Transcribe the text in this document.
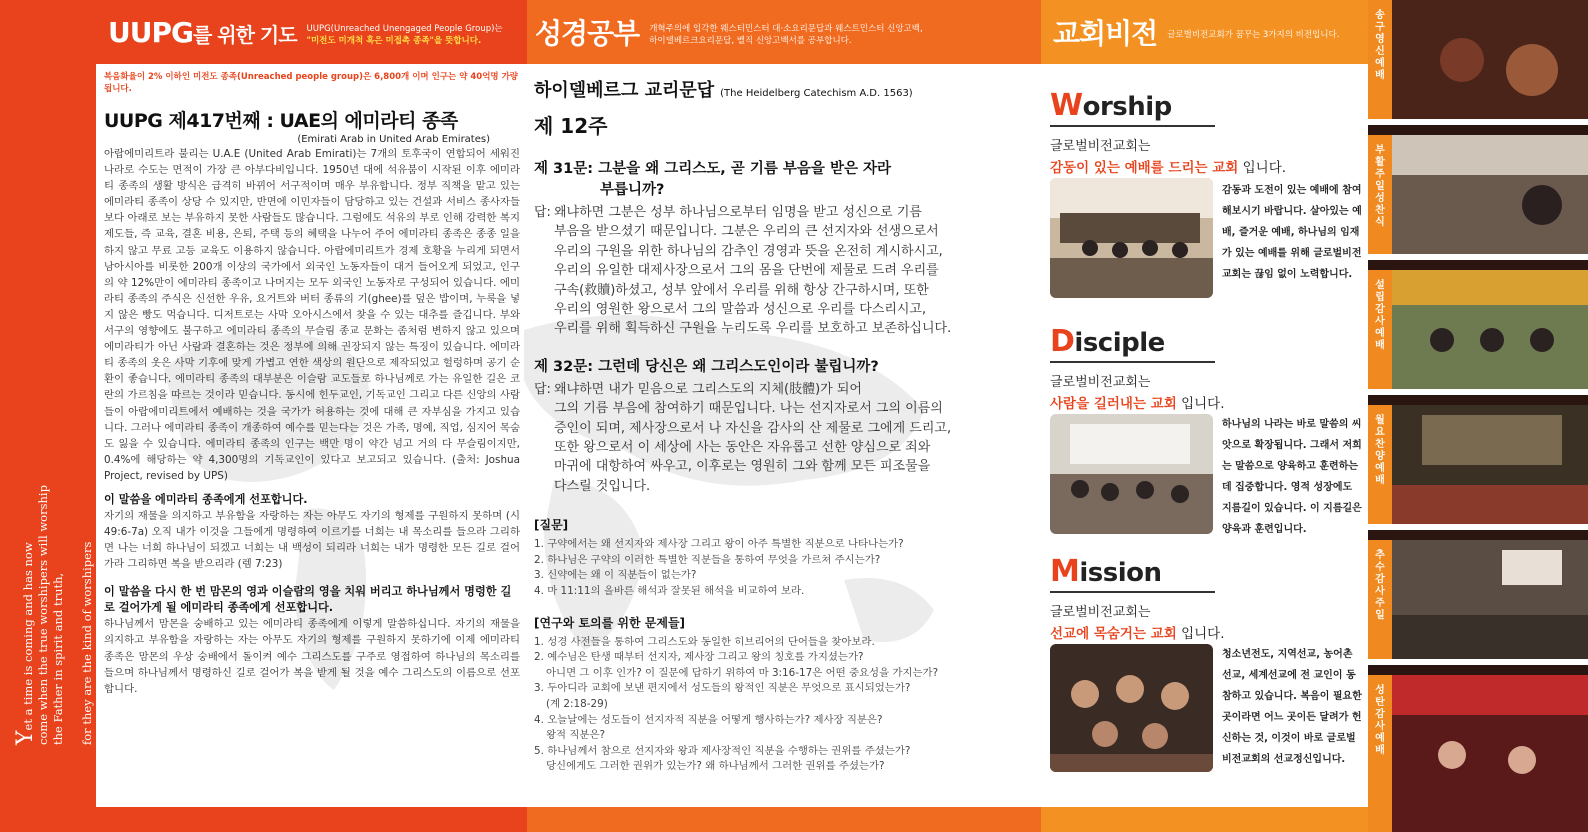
Yet a time is coming and has now come when the true worshipers will worship the Father in spirit and truth, for they are the kind of worshipers the Father seeks. [John 4:23]
UUPG를 위한 기도 UUPG(Unreached Unengaged People Group)는
"미전도 미개척 혹은 미접촉 종족"을 뜻합니다.	성경공부 개혁주의에 입각한 웨스터민스터 대·소요리문답과 웨스트민스터 신앙고백,
하이델베르크요리문답, 벨직 신앙고백서를 공부합니다.	교회비전 글로벌비전교회가 꿈꾸는 3가지의 비전입니다.
복음화율이 2% 이하인 미전도 종족(Unreached people group)은 6,800개 이며 인구는 약 40억명 가량 됩니다.
UUPG 제417번째 : UAE의 에미라티 종족
(Emirati Arab in United Arab Emirates)
아랍에미리트라 불리는 U.A.E (United Arab Emirati)는 7개의 토후국이 연합되어 세워진 나라로 수도는 면적이 가장 큰 아부다비입니다. 1950년 대에 석유붐이 시작된 이후 에미라티 종족의 생활 방식은 급격히 바뀌어 서구적이며 매우 부유합니다. 정부 직책을 맡고 있는 에미라티 종족이 상당 수 있지만, 반면에 이민자들이 담당하고 있는 건설과 서비스 종사자들보다 아래로 보는 부유하지 못한 사람들도 많습니다. 그럼에도 석유의 부로 인해 강력한 복지 제도들, 즉 교육, 결혼 비용, 은퇴, 주택 등의 혜택을 나누어 주어 에미라티 종족은 종종 일을 하지 않고 무료 고등 교육도 이용하지 않습니다. 아랍에미리트가 경제 호황을 누리게 되면서 남아시아를 비롯한 200개 이상의 국가에서 외국인 노동자들이 대거 들어오게 되었고, 인구의 약 12%만이 에미라티 종족이고 나머지는 모두 외국인 노동자로 구성되어 있습니다. 에미라티 종족의 주식은 신선한 우유, 요거트와 버터 종류의 기(ghee)를 덮은 밥이며, 누룩을 넣지 않은 빵도 먹습니다. 디저트로는 사막 오아시스에서 찾을 수 있는 대추를 즐깁니다. 부와 서구의 영향에도 불구하고 에미라티 종족의 무슬림 종교 문화는 좀처럼 변하지 않고 있으며 에미라티가 아닌 사람과 결혼하는 것은 정부에 의해 권장되지 않는 특징이 있습니다. 에미라티 종족의 옷은 사막 기후에 맞게 가볍고 연한 색상의 원단으로 제작되었고 헐렁하며 공기 순환이 좋습니다. 에미라티 종족의 대부분은 이슬람 교도들로 하나님께로 가는 유일한 길은 코란의 가르침을 따르는 것이라 믿습니다. 동시에 힌두교인, 기독교인 그리고 다른 신앙의 사람들이 아랍에미리트에서 예배하는 것을 국가가 허용하는 것에 대해 큰 자부심을 가지고 있습니다. 그러나 에미라티 종족이 개종하여 예수를 믿는다는 것은 가족, 명예, 직업, 심지어 목숨도 잃을 수 있습니다. 에미라티 종족의 인구는 백만 명이 약간 넘고 거의 다 무슬림이지만, 0.4%에 해당하는 약 4,300명의 기독교인이 있다고 보고되고 있습니다. (출처: Joshua Project, revised by UPS)
이 말씀을 에미라티 종족에게 선포합니다.
자기의 재물을 의지하고 부유함을 자랑하는 자는 아무도 자기의 형제를 구원하지 못하며 (시49:6-7a) 오직 내가 이것을 그들에게 명령하여 이르기를 너희는 내 목소리를 들으라 그리하면 나는 너희 하나님이 되겠고 너희는 내 백성이 되리라 너희는 내가 명령한 모든 길로 걸어가라 그리하면 복을 받으리라 (렘 7:23)
이 말씀을 다시 한 번 맘몬의 영과 이슬람의 영을 치워 버리고 하나님께서 명령한 길로 걸어가게 될 에미라티 종족에게 선포합니다.
하나님께서 맘몬을 숭배하고 있는 에미라티 종족에게 이렇게 말씀하십니다. 자기의 재물을 의지하고 부유함을 자랑하는 자는 아무도 자기의 형제를 구원하지 못하기에 이제 에미라티 종족은 맘몬의 우상 숭배에서 돌이켜 예수 그리스도를 구주로 영접하여 하나님의 목소리를 들으며 하나님께서 명령하신 길로 걸어가 복을 받게 될 것을 예수 그리스도의 이름으로 선포합니다.
하이델베르그 교리문답 (The Heidelberg Catechism A.D. 1563)
제 12주
제 31문: 그분을 왜 그리스도, 곧 기름 부음을 받은 자라
부릅니까?
답: 왜냐하면 그분은 성부 하나님으로부터 임명을 받고 성신으로 기름
부음을 받으셨기 때문입니다. 그분은 우리의 큰 선지자와 선생으로서
우리의 구원을 위한 하나님의 감추인 경영과 뜻을 온전히 계시하시고,
우리의 유일한 대제사장으로서 그의 몸을 단번에 제물로 드려 우리를
구속(救贖)하셨고, 성부 앞에서 우리를 위해 항상 간구하시며, 또한
우리의 영원한 왕으로서 그의 말씀과 성신으로 우리를 다스리시고,
우리를 위해 획득하신 구원을 누리도록 우리를 보호하고 보존하십니다.
제 32문: 그런데 당신은 왜 그리스도인이라 불립니까?
답: 왜냐하면 내가 믿음으로 그리스도의 지체(肢體)가 되어
그의 기름 부음에 참여하기 때문입니다. 나는 선지자로서 그의 이름의
증인이 되며, 제사장으로서 나 자신을 감사의 산 제물로 그에게 드리고,
또한 왕으로서 이 세상에 사는 동안은 자유롭고 선한 양심으로 죄와
마귀에 대항하여 싸우고, 이후로는 영원히 그와 함께 모든 피조물을
다스릴 것입니다.
[질문]
1. 구약에서는 왜 선지자와 제사장 그리고 왕이 아주 특별한 직분으로 나타나는가?
2. 하나님은 구약의 이러한 특별한 직분들을 통하여 무엇을 가르쳐 주시는가?
3. 신약에는 왜 이 직분들이 없는가?
4. 마 11:11의 올바른 해석과 잘못된 해석을 비교하여 보라.
[연구와 토의를 위한 문제들]
1. 성경 사전들을 통하여 그리스도와 동일한 히브리어의 단어들을 찾아보라.
2. 예수님은 탄생 때부터 선지자, 제사장 그리고 왕의 칭호를 가지셨는가?
아니면 그 이후 인가? 이 질문에 답하기 위하여 마 3:16-17은 어떤 중요성을 가지는가?
3. 두아디라 교회에 보낸 편지에서 성도들의 왕적인 직분은 무엇으로 표시되었는가?
(계 2:18-29)
4. 오늘날에는 성도들이 선지자적 직분을 어떻게 행사하는가? 제사장 직분은?
왕적 직분은?
5. 하나님께서 참으로 선지자와 왕과 제사장적인 직분을 수행하는 권위를 주셨는가?
당신에게도 그러한 권위가 있는가? 왜 하나님께서 그러한 권위를 주셨는가?
Worship
글로벌비전교회는
감동이 있는 예배를 드리는 교회 입니다.
감동과 도전이 있는 예배에 참여해보시기 바랍니다. 살아있는 예배, 즐거운 예배, 하나님의 임재가 있는 예배를 위해 글로벌비전교회는 끊임 없이 노력합니다.
Disciple
글로벌비전교회는
사람을 길러내는 교회 입니다.
하나님의 나라는 바로 말씀의 씨앗으로 확장됩니다. 그래서 저희는 말씀으로 양육하고 훈련하는데 집중합니다. 영적 성장에도 지름길이 있습니다. 이 지름길은 양육과 훈련입니다.
Mission
글로벌비전교회는
선교에 목숨거는 교회 입니다.
청소년전도, 지역선교, 농어촌선교, 세계선교에 전 교인이 동참하고 있습니다. 복음이 필요한 곳이라면 어느 곳이든 달려가 헌신하는 것, 이것이 바로 글로벌 비전교회의 선교정신입니다.
송구영신예배
부활주일 성찬식
설립감사예배
월요찬양예배
추수감사주일
성탄감사예배
